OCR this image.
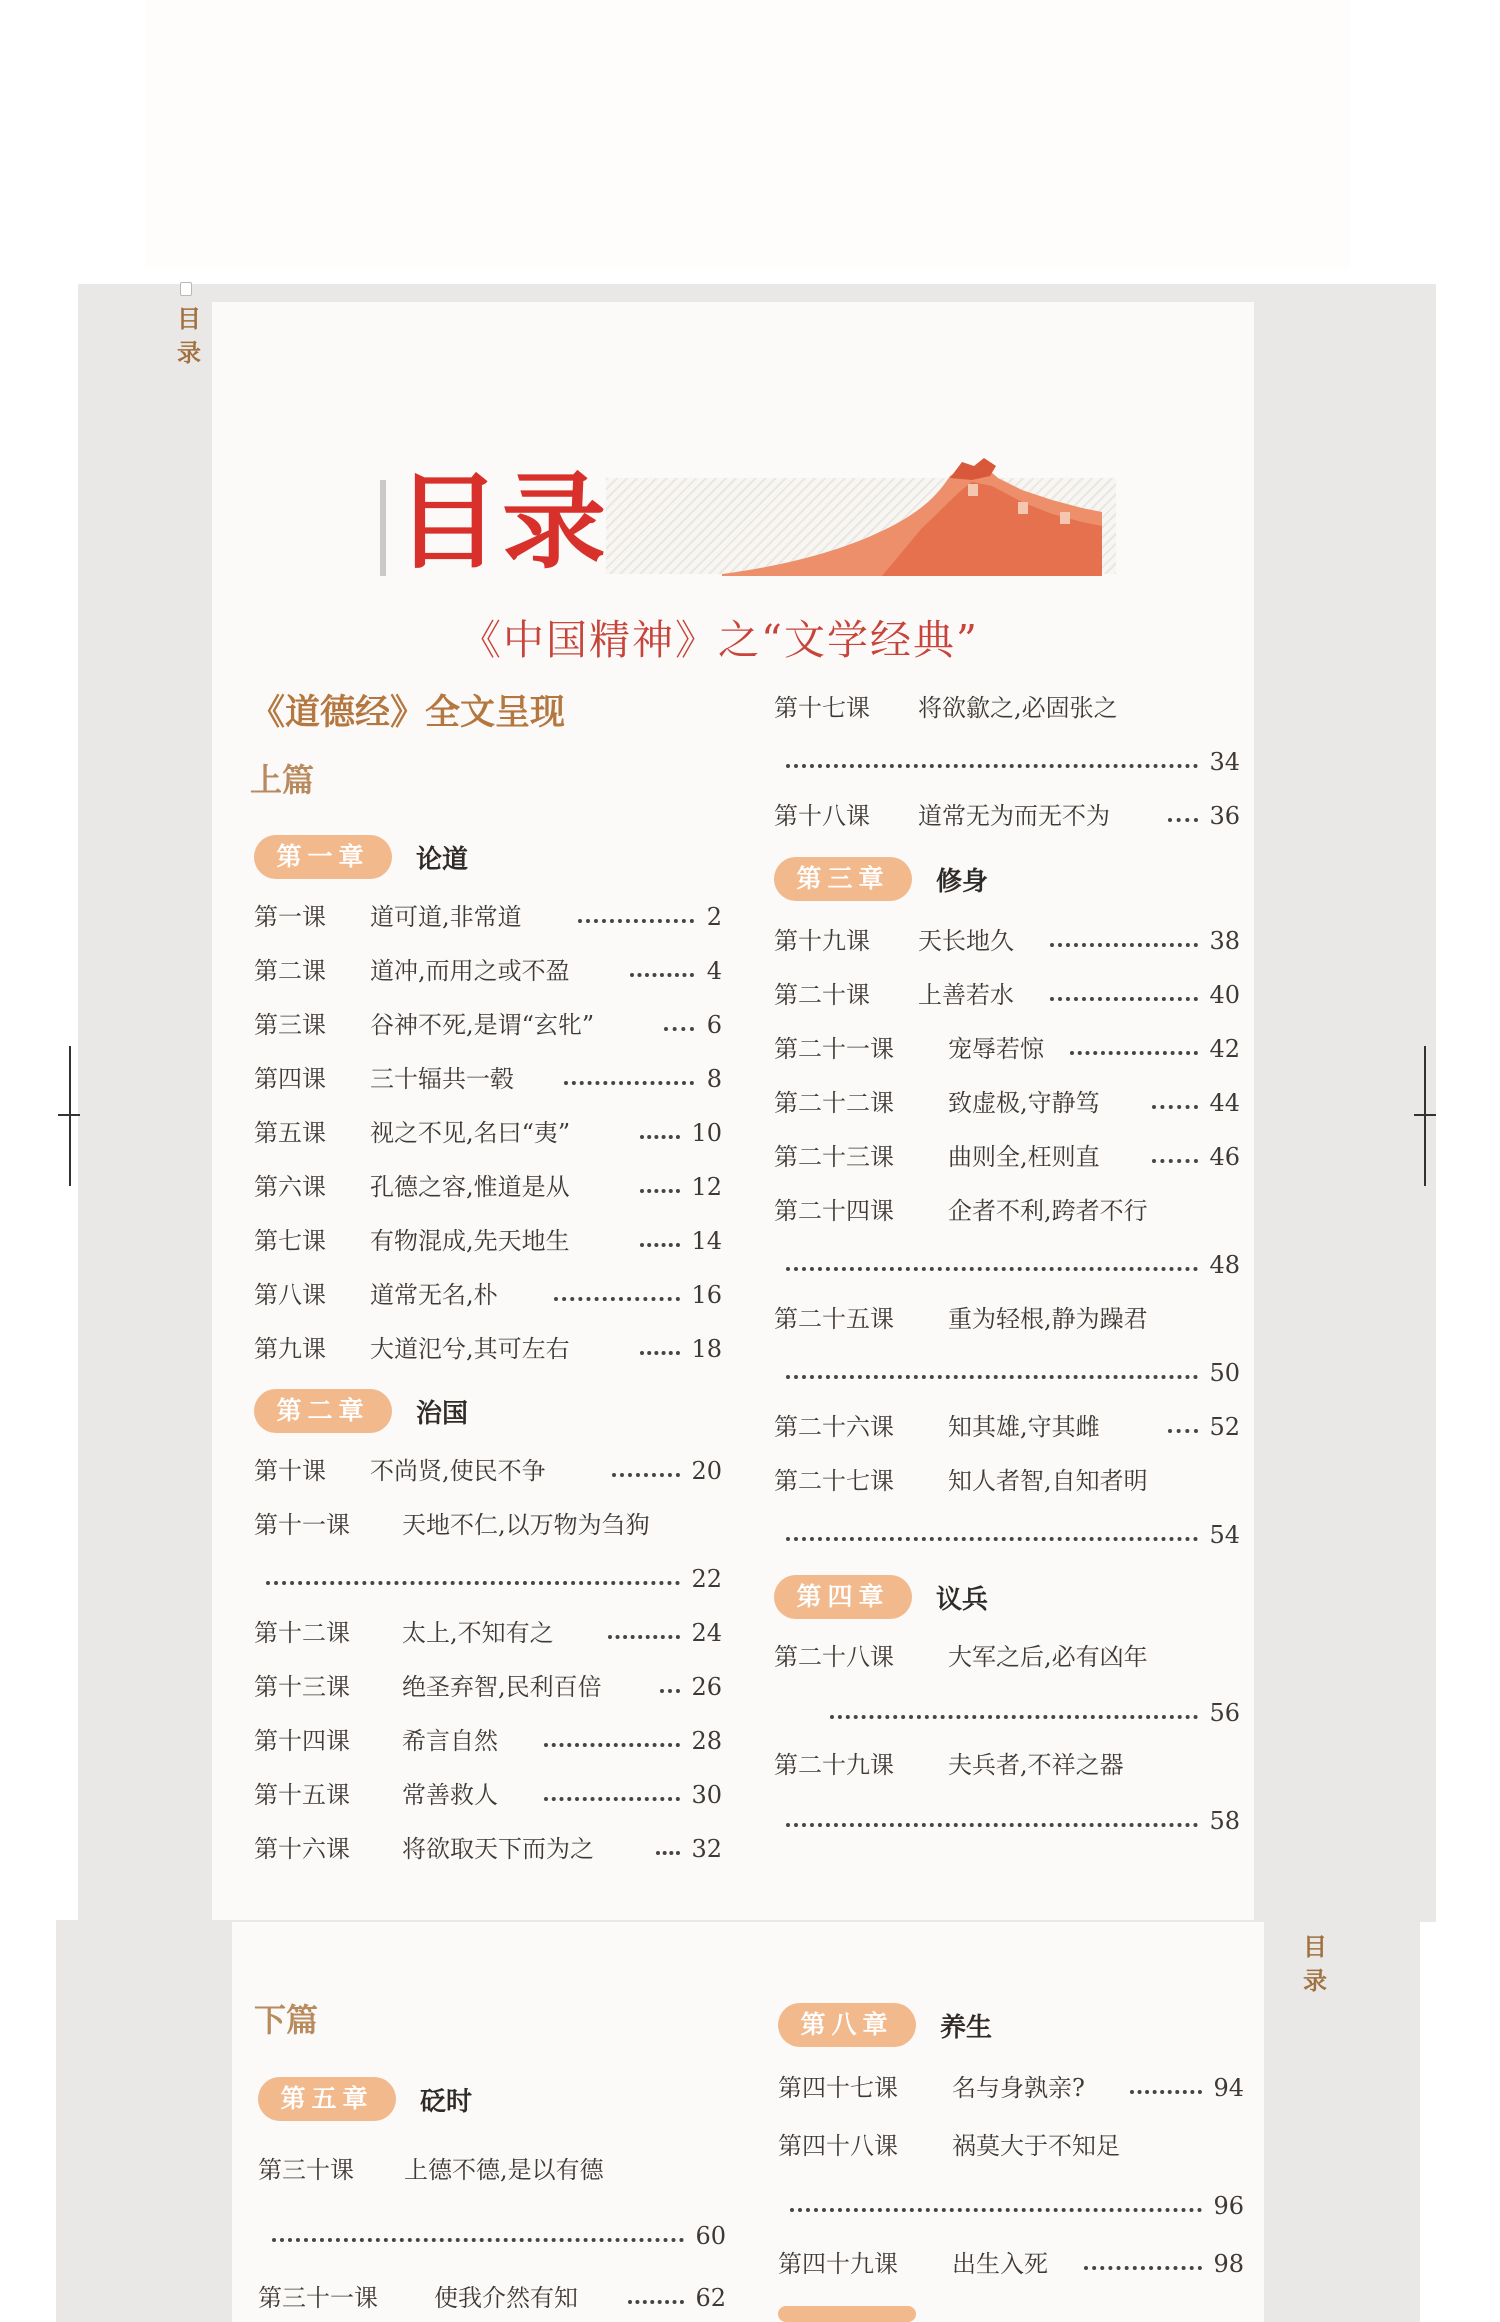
目录
目录
《中国精神》之“文学经典”
《道德经》全文呈现
上篇
第一章	论道
第一课 道可道,非常道	2
第二课 道冲,而用之或不盈	4
第三课 谷神不死,是谓“玄牝”	6
第四课 三十辐共一毂	8
第五课 视之不见,名曰“夷”	10
第六课 孔德之容,惟道是从	12
第七课 有物混成,先天地生	14
第八课 道常无名,朴	16
第九课 大道氾兮,其可左右	18
第二章	治国
第十课 不尚贤,使民不争	20
第十一课 天地不仁,以万物为刍狗
22
第十二课 太上,不知有之	24
第十三课 绝圣弃智,民利百倍	26
第十四课 希言自然	28
第十五课 常善救人	30
第十六课 将欲取天下而为之	32
第十七课 将欲歙之,必固张之
34
第十八课 道常无为而无不为	36
第三章	修身
第十九课 天长地久	38
第二十课 上善若水	40
第二十一课 宠辱若惊	42
第二十二课 致虚极,守静笃	44
第二十三课 曲则全,枉则直	46
第二十四课 企者不利,跨者不行
48
第二十五课 重为轻根,静为躁君
50
第二十六课 知其雄,守其雌	52
第二十七课 知人者智,自知者明
54
第四章	议兵
第二十八课 大军之后,必有凶年
56
第二十九课 夫兵者,不祥之器
58
目录
下篇
第五章	砭时
第三十课 上德不德,是以有德
60
第三十一课 使我介然有知	62
第八章	养生
第四十七课 名与身孰亲?	94
第四十八课 祸莫大于不知足
96
第四十九课 出生入死	98
